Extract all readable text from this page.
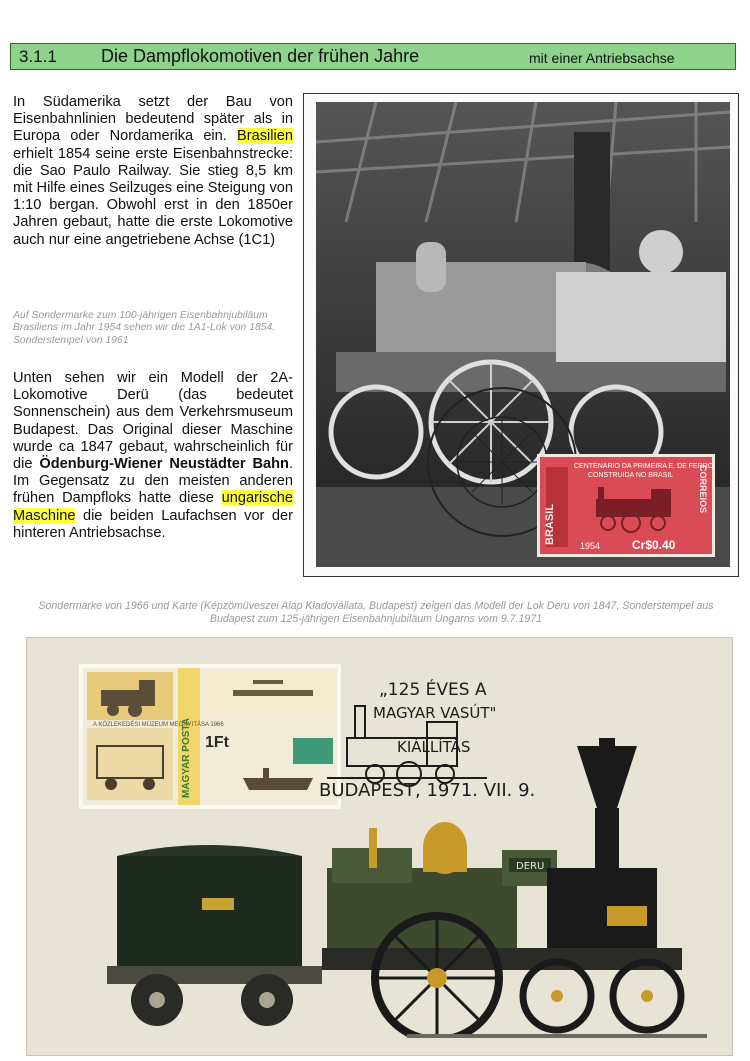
3.1.1 Die Dampflokomotiven der frühen Jahre	mit einer Antriebsachse
In Südamerika setzt der Bau von Eisenbahnlinien bedeutend später als in Europa oder Nordamerika ein. Brasilien erhielt 1854 seine erste Eisenbahnstrecke: die Sao Paulo Railway. Sie stieg 8,5 km mit Hilfe eines Seilzuges eine Steigung von 1:10 bergan. Obwohl erst in den 1850er Jahren gebaut, hatte die erste Lokomotive auch nur eine angetriebene Achse (1C1)
Auf Sondermarke zum 100-jährigen Eisenbahnjubiläum Brasiliens im Jahr 1954 sehen wir die 1A1-Lok von 1854. Sonderstempel von 1961
Unten sehen wir ein Modell der 2A-Lokomotive Derü (das bedeutet Sonnenschein) aus dem Verkehrsmuseum Budapest. Das Original dieser Maschine wurde ca 1847 gebaut, wahrscheinlich für die Ödenburg-Wiener Neustädter Bahn. Im Gegensatz zu den meisten anderen frühen Dampfloks hatte diese ungarische Maschine die beiden Laufachsen vor der hinteren Antriebsachse.	BRASIL
CENTENARIO DA PRIMEIRA E. DE FERRO
CONSTRUIDA NO BRASIL	CORREIOS
1954	Cr$0.40
Sondermarke von 1966 und Karte (Képzömüveszei Alap Kiadovállata, Budapest) zeigen das Modell der Lok Deru von 1847, Sonderstempel aus Budapest zum 125-jährigen Eisenbahnjubiläum Ungarns vom 9.7.1971
MAGYAR POSTA
A KÖZLEKEDÉSI MÚZEUM MEGNYITÁSA 1966
1Ft
„125 ÉVES A
MAGYAR VASÚT"
KIÁLLÍTÁS
BUDAPEST, 1971. VII. 9.
DERU
